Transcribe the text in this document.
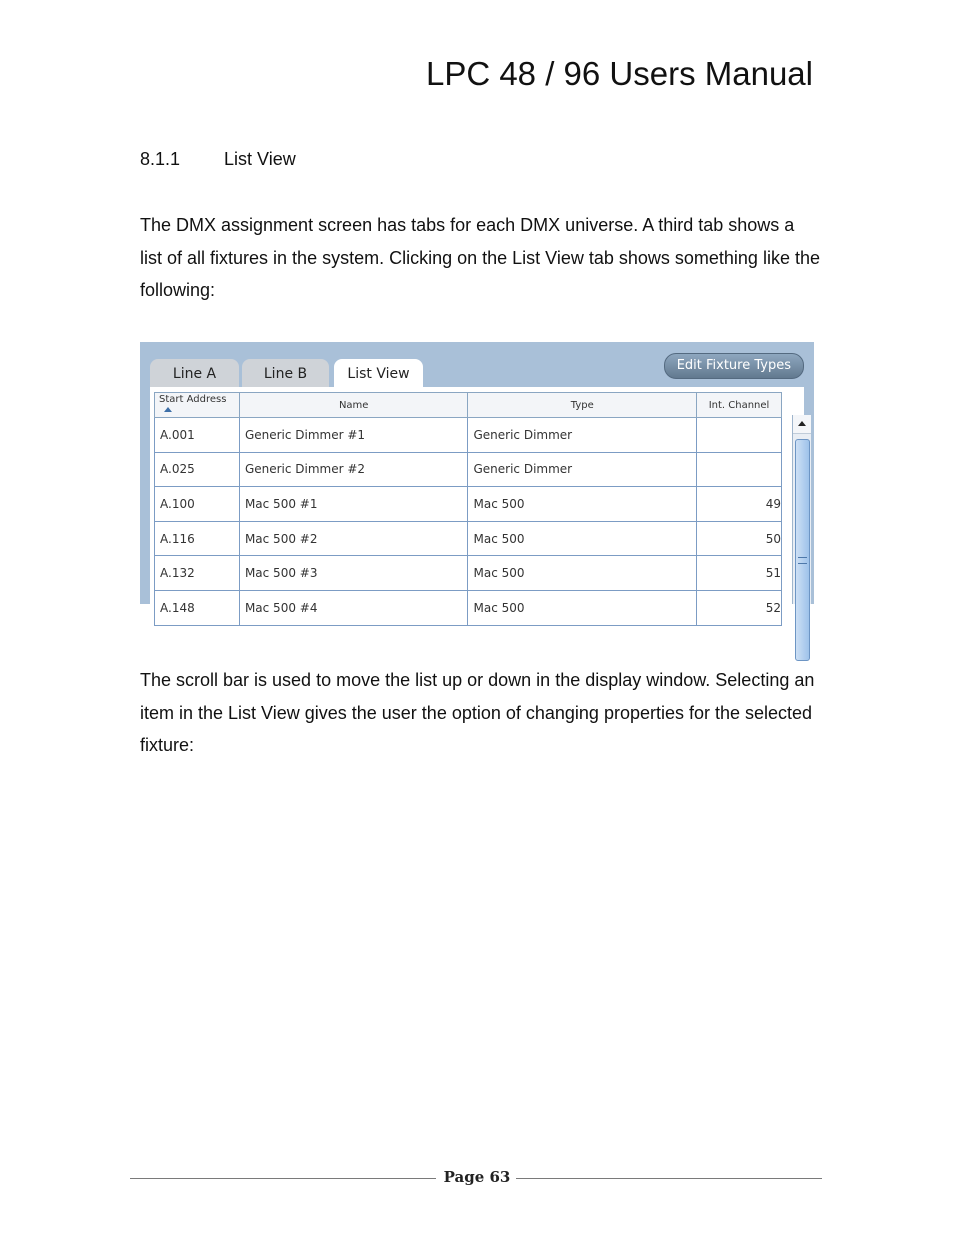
LPC 48 / 96 Users Manual

8.1.1 List View

The DMX assignment screen has tabs for each DMX universe. A third tab shows a list of all fixtures in the system. Clicking on the List View tab shows something like the following:

Line A	Line B	List View
Edit Fixture Types
Start Address	Name	Type	Int. Channel
A.001	Generic Dimmer #1	Generic Dimmer	
A.025	Generic Dimmer #2	Generic Dimmer	
A.100	Mac 500 #1	Mac 500	49
A.116	Mac 500 #2	Mac 500	50
A.132	Mac 500 #3	Mac 500	51
A.148	Mac 500 #4	Mac 500	52

The scroll bar is used to move the list up or down in the display window. Selecting an item in the List View gives the user the option of changing properties for the selected fixture:

Page 63
